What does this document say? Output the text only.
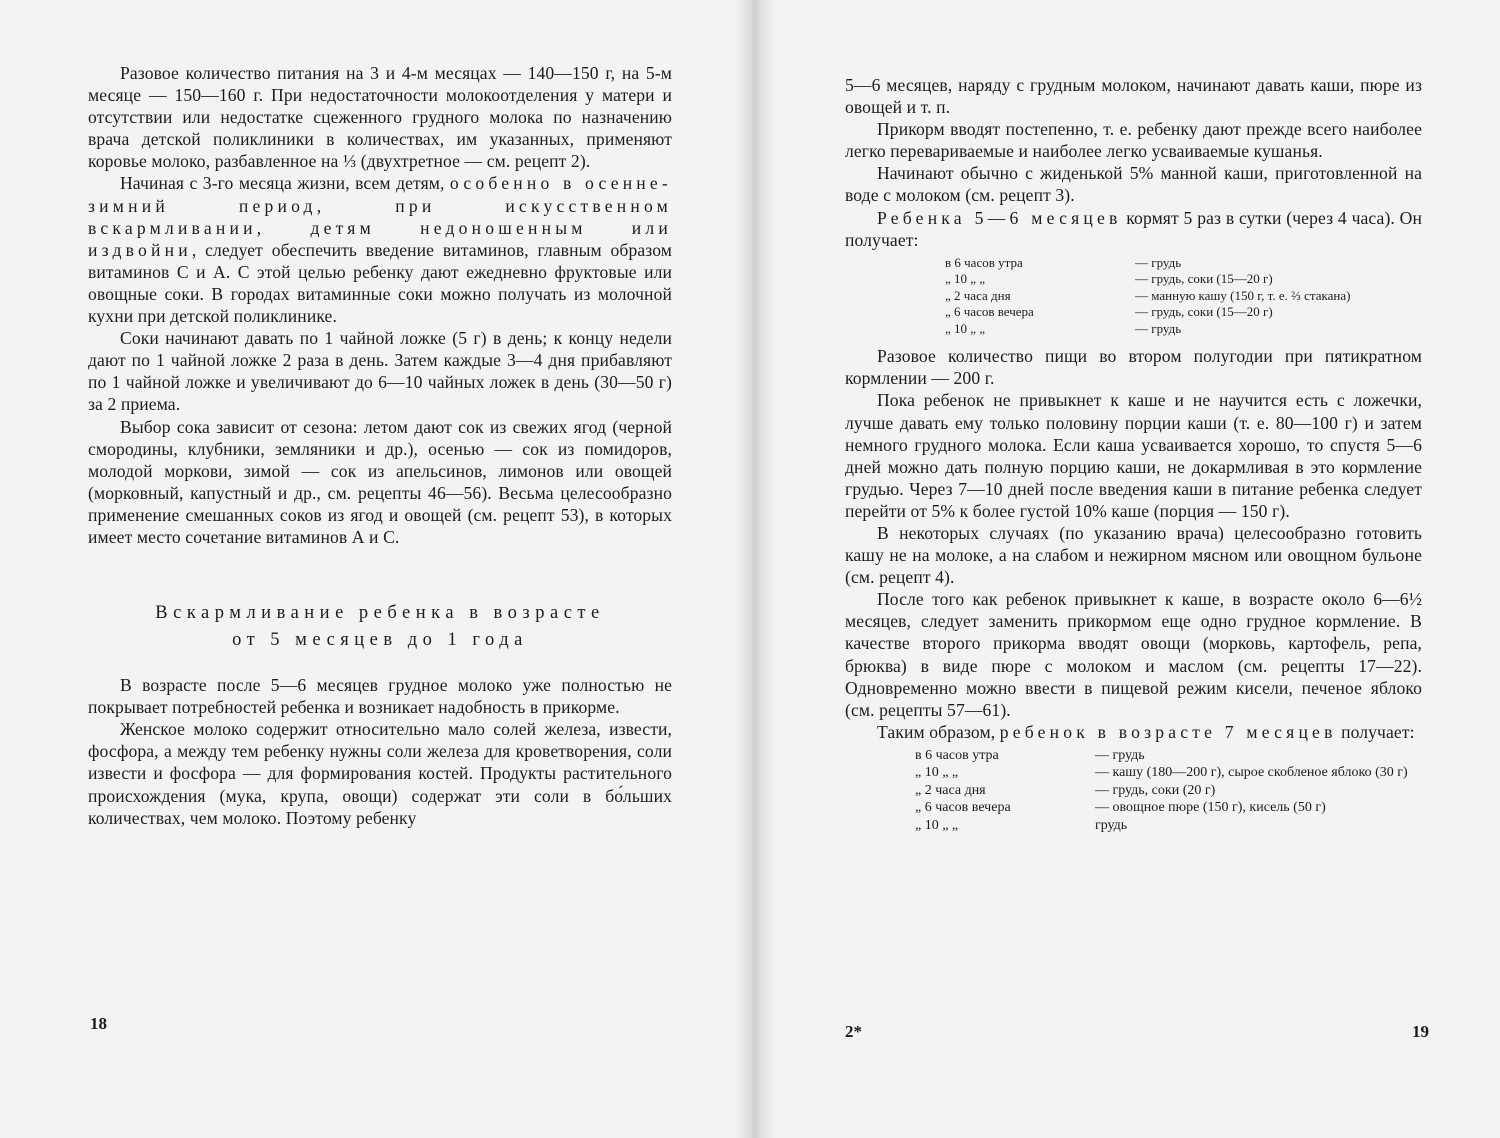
Разовое количество питания на 3 и 4-м месяцах — 140—150 г, на 5-м месяце — 150—160 г. При недостаточности молокоотделения у матери и отсутствии или недостатке сцеженного грудного молока по назначению врача детской поликлиники в количествах, им указанных, применяют коровье молоко, разбавленное на ⅓ (двухтретное — см. рецепт 2).

Начиная с 3-го месяца жизни, всем детям, особенно в осенне-зимний период, при искусственном вскармливании, детям недоношенным или издвойни, следует обеспечить введение витаминов, главным образом витаминов С и А. С этой целью ребенку дают ежедневно фруктовые или овощные соки. В городах витаминные соки можно получать из молочной кухни при детской поликлинике.

Соки начинают давать по 1 чайной ложке (5 г) в день; к концу недели дают по 1 чайной ложке 2 раза в день. Затем каждые 3—4 дня прибавляют по 1 чайной ложке и увеличивают до 6—10 чайных ложек в день (30—50 г) за 2 приема.

Выбор сока зависит от сезона: летом дают сок из свежих ягод (черной смородины, клубники, земляники и др.), осенью — сок из помидоров, молодой моркови, зимой — сок из апельсинов, лимонов или овощей (морковный, капустный и др., см. рецепты 46—56). Весьма целесообразно применение смешанных соков из ягод и овощей (см. рецепт 53), в которых имеет место сочетание витаминов А и С.

Вскармливание ребенка в возрасте
от 5 месяцев до 1 года

В возрасте после 5—6 месяцев грудное молоко уже полностью не покрывает потребностей ребенка и возникает надобность в прикорме.

Женское молоко содержит относительно мало солей железа, извести, фосфора, а между тем ребенку нужны соли железа для кроветворения, соли извести и фосфора — для формирования костей. Продукты растительного происхождения (мука, крупа, овощи) содержат эти соли в бо́льших количествах, чем молоко. Поэтому ребенку

18

5—6 месяцев, наряду с грудным молоком, начинают давать каши, пюре из овощей и т. п.

Прикорм вводят постепенно, т. е. ребенку дают прежде всего наиболее легко перевариваемые и наиболее легко усваиваемые кушанья.

Начинают обычно с жиденькой 5% манной каши, приготовленной на воде с молоком (см. рецепт 3).

Ребенка 5—6 месяцев кормят 5 раз в сутки (через 4 часа). Он получает:

в 6 часов утра	— грудь
„ 10 „ „	— грудь, соки (15—20 г)
„ 2 часа дня	— манную кашу (150 г, т. е. ⅔ стакана)
„ 6 часов вечера	— грудь, соки (15—20 г)
„ 10 „ „	— грудь

Разовое количество пищи во втором полугодии при пятикратном кормлении — 200 г.

Пока ребенок не привыкнет к каше и не научится есть с ложечки, лучше давать ему только половину порции каши (т. е. 80—100 г) и затем немного грудного молока. Если каша усваивается хорошо, то спустя 5—6 дней можно дать полную порцию каши, не докармливая в это кормление грудью. Через 7—10 дней после введения каши в питание ребенка следует перейти от 5% к более густой 10% каше (порция — 150 г).

В некоторых случаях (по указанию врача) целесообразно готовить кашу не на молоке, а на слабом и нежирном мясном или овощном бульоне (см. рецепт 4).

После того как ребенок привыкнет к каше, в возрасте около 6—6½ месяцев, следует заменить прикормом еще одно грудное кормление. В качестве второго прикорма вводят овощи (морковь, картофель, репа, брюква) в виде пюре с молоком и маслом (см. рецепты 17—22). Одновременно можно ввести в пищевой режим кисели, печеное яблоко (см. рецепты 57—61).

Таким образом, ребенок в возрасте 7 месяцев получает:

в 6 часов утра	— грудь
„ 10 „ „	— кашу (180—200 г), сырое скобленое яблоко (30 г)
„ 2 часа дня	— грудь, соки (20 г)
„ 6 часов вечера	— овощное пюре (150 г), кисель (50 г)
„ 10 „ „	грудь
2*	19
